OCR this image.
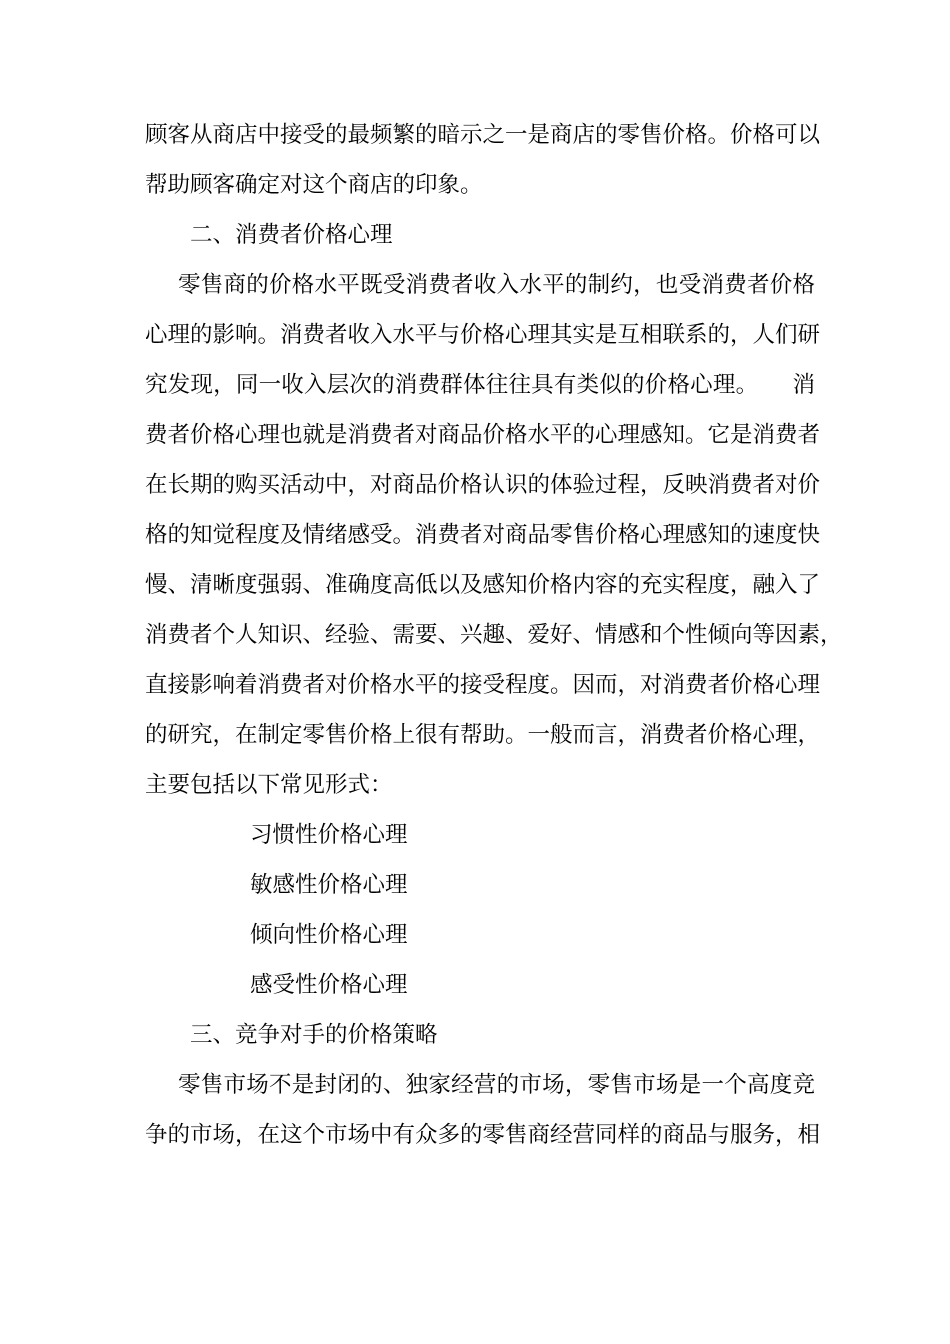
顾客从商店中接受的最频繁的暗示之一是商店的零售价格。价格可以
帮助顾客确定对这个商店的印象。
二、消费者价格心理
零售商的价格水平既受消费者收入水平的制约，也受消费者价格
心理的影响。消费者收入水平与价格心理其实是互相联系的，人们研
究发现，同一收入层次的消费群体往往具有类似的价格心理。　　消
费者价格心理也就是消费者对商品价格水平的心理感知。它是消费者
在长期的购买活动中，对商品价格认识的体验过程，反映消费者对价
格的知觉程度及情绪感受。消费者对商品零售价格心理感知的速度快
慢、清晰度强弱、准确度高低以及感知价格内容的充实程度，融入了
消费者个人知识、经验、需要、兴趣、爱好、情感和个性倾向等因素，
直接影响着消费者对价格水平的接受程度。因而，对消费者价格心理
的研究，在制定零售价格上很有帮助。一般而言，消费者价格心理，
主要包括以下常见形式：
习惯性价格心理
敏感性价格心理
倾向性价格心理
感受性价格心理
三、竞争对手的价格策略
零售市场不是封闭的、独家经营的市场，零售市场是一个高度竞
争的市场，在这个市场中有众多的零售商经营同样的商品与服务，相
